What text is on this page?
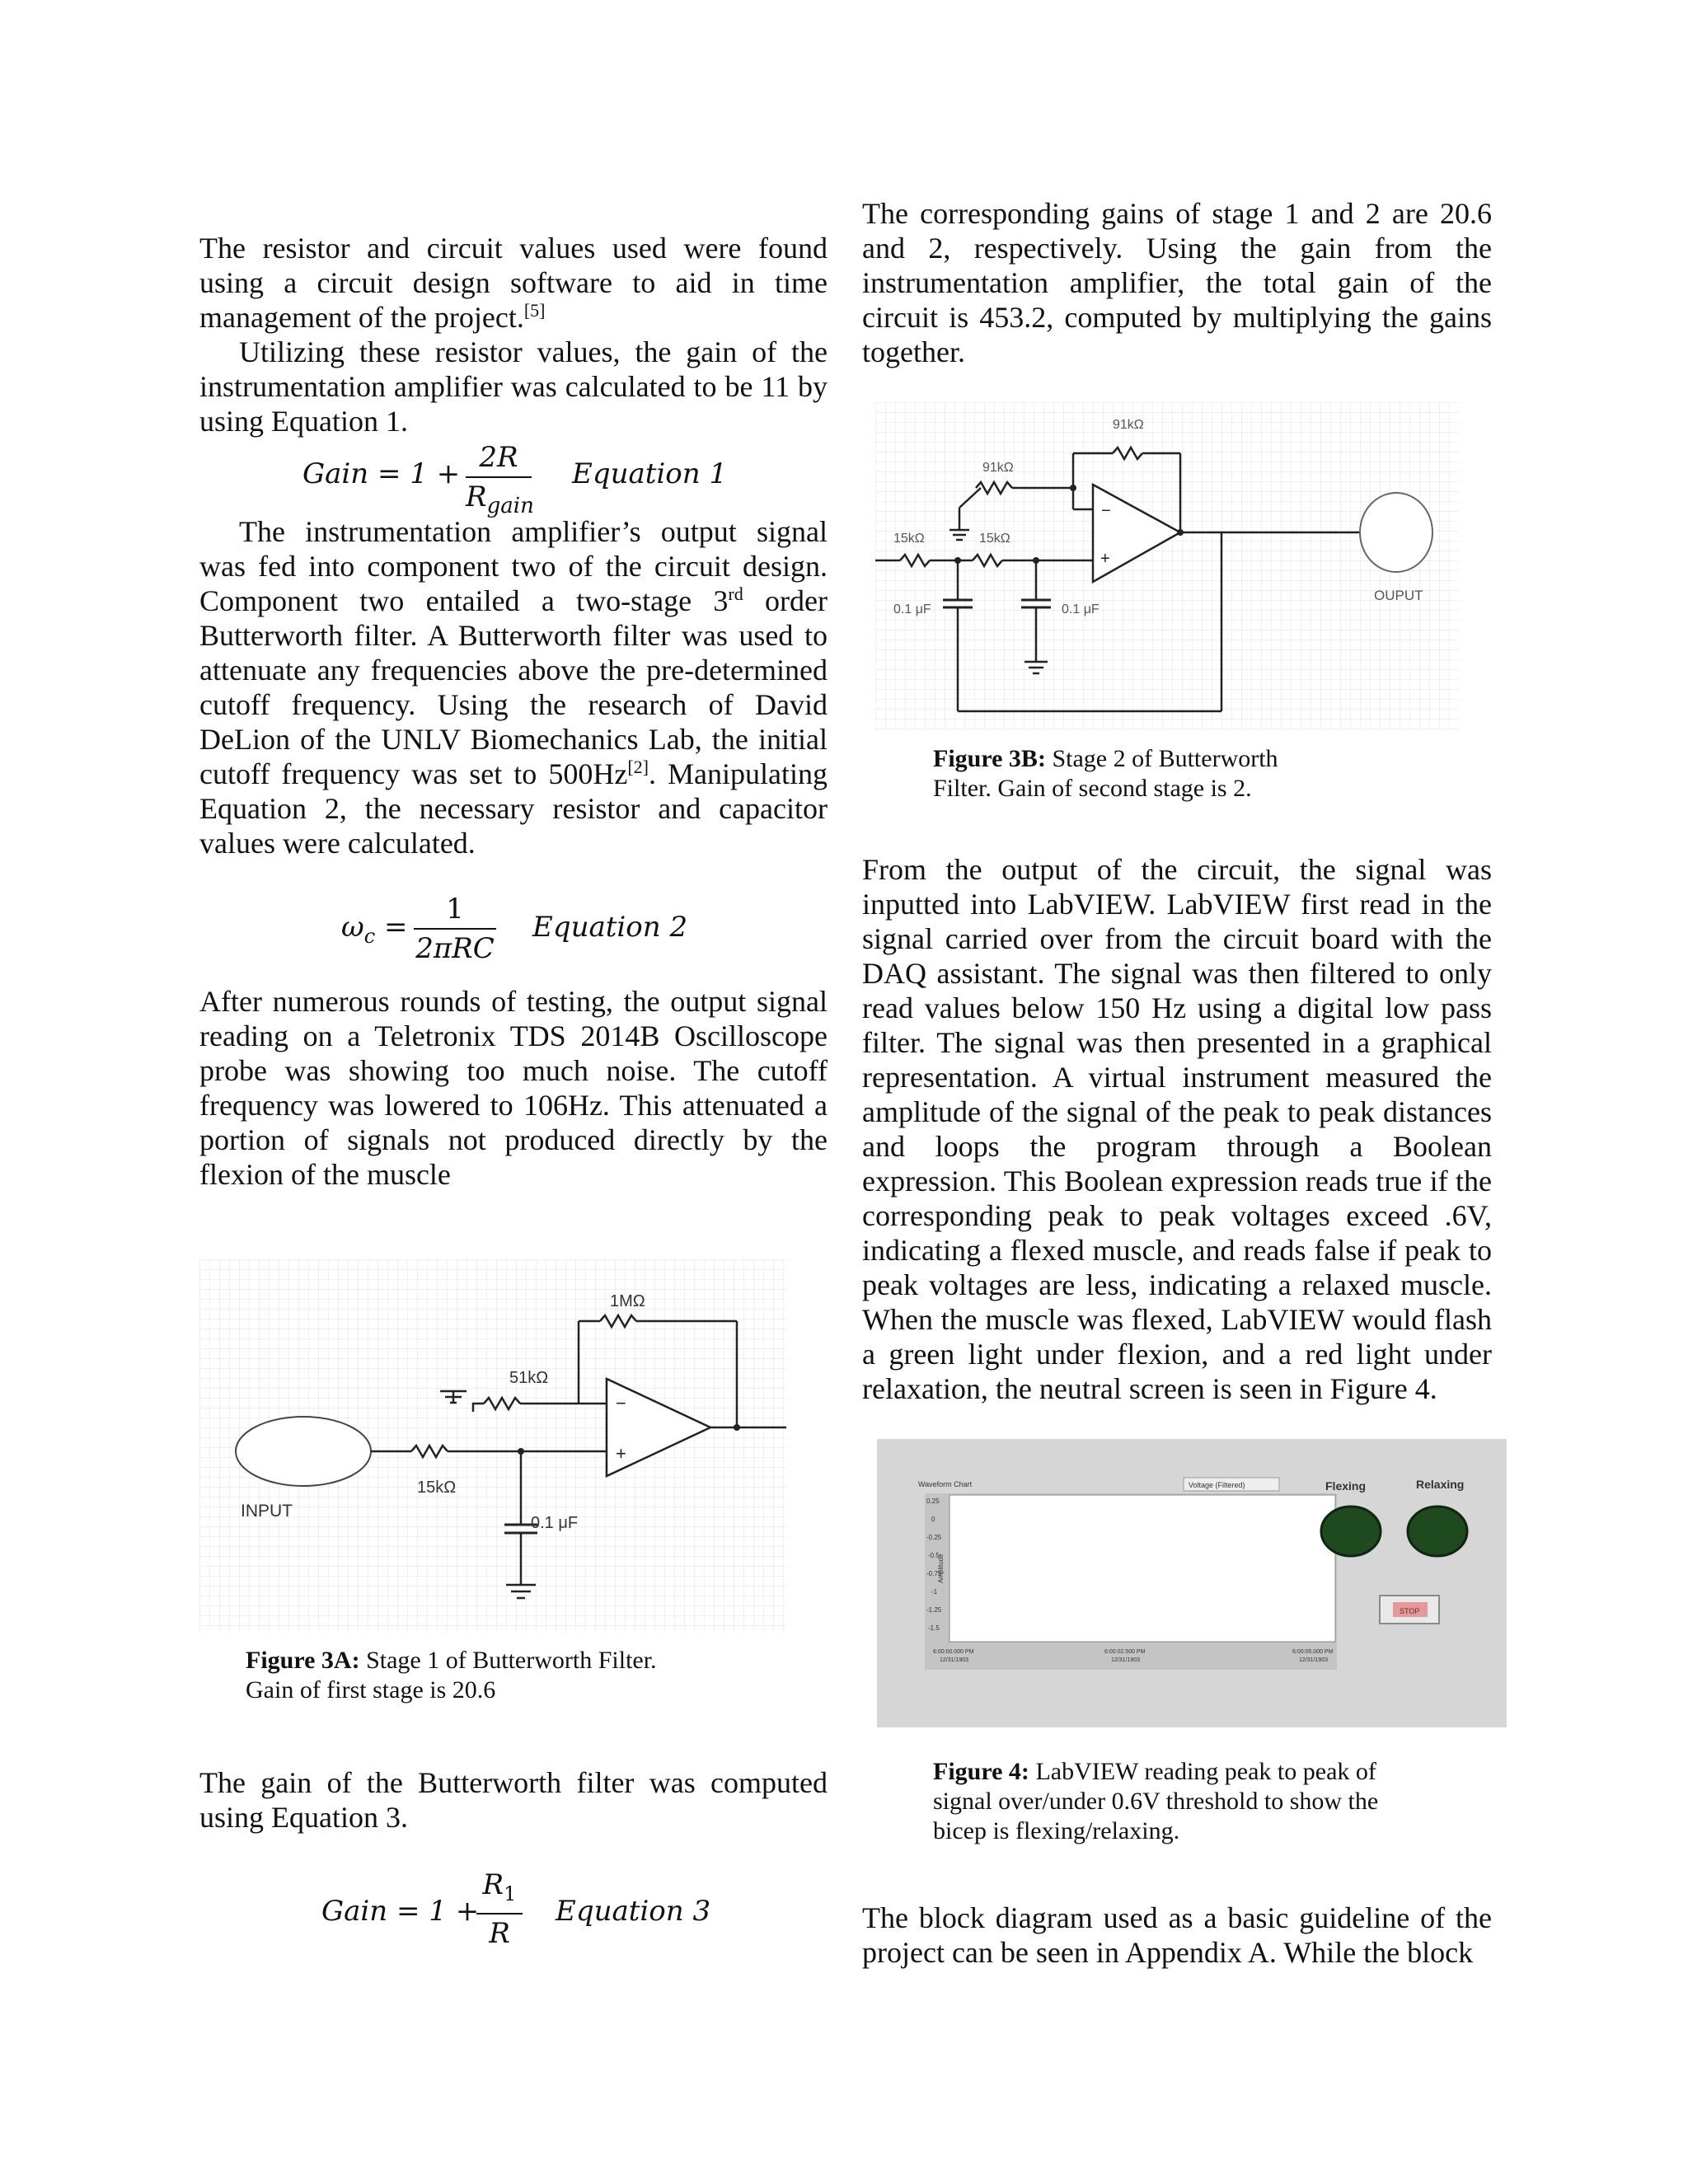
The resistor and circuit values used were found using a circuit design software to aid in time management of the project.[5]

Utilizing these resistor values, the gain of the instrumentation amplifier was calculated to be 11 by using Equation 1.

Gain = 1 + 2R
$R_{gain}$
Equation 1

The instrumentation amplifier’s output signal was fed into component two of the circuit design. Component two entailed a two-stage 3rd order Butterworth filter. A Butterworth filter was used to attenuate any frequencies above the pre-determined cutoff frequency. Using the research of David DeLion of the UNLV Biomechanics Lab, the initial cutoff frequency was set to 500Hz[2]. Manipulating Equation 2, the necessary resistor and capacitor values were calculated.

$\omega_c$ =
1
2πRC
Equation 2

After numerous rounds of testing, the output signal reading on a Teletronix TDS 2014B Oscilloscope probe was showing too much noise. The cutoff frequency was lowered to 106Hz. This attenuated a portion of signals not produced directly by the flexion of the muscle

1MΩ
51kΩ
15kΩ
0.1 μF
INPUT
−
+
Figure 3A: Stage 1 of Butterworth Filter.
Gain of first stage is 20.6

The gain of the Butterworth filter was computed using Equation 3.

Gain = 1 +
$\frac{R_1}{R}$ Equation 3

The corresponding gains of stage 1 and 2 are 20.6 and 2, respectively. Using the gain from the instrumentation amplifier, the total gain of the circuit is 453.2, computed by multiplying the gains together.

91kΩ
91kΩ
15kΩ	15kΩ
0.1 μF	0.1 μF
OUPUT
−
+
Figure 3B: Stage 2 of Butterworth
Filter. Gain of second stage is 2.

From the output of the circuit, the signal was inputted into LabVIEW. LabVIEW first read in the signal carried over from the circuit board with the DAQ assistant. The signal was then filtered to only read values below 150 Hz using a digital low pass filter. The signal was then presented in a graphical representation. A virtual instrument measured the amplitude of the signal of the peak to peak distances and loops the program through a Boolean expression. This Boolean expression reads true if the corresponding peak to peak voltages exceed .6V, indicating a flexed muscle, and reads false if peak to peak voltages are less, indicating a relaxed muscle. When the muscle was flexed, LabVIEW would flash a green light under flexion, and a red light under relaxation, the neutral screen is seen in Figure 4.

Waveform Chart	Voltage (Filtered)
Amplitude
0.25
0
-0.25
-0.5
-0.75
-1
-1.25
-1.5
6:00:00.000 PM
12/31/1903
6:00:02.500 PM
12/31/1903
6:00:05.000 PM
12/31/1903
Flexing	Relaxing
STOP
Figure 4: LabVIEW reading peak to peak of
signal over/under 0.6V threshold to show the
bicep is flexing/relaxing.

The block diagram used as a basic guideline of the project can be seen in Appendix A. While the block
